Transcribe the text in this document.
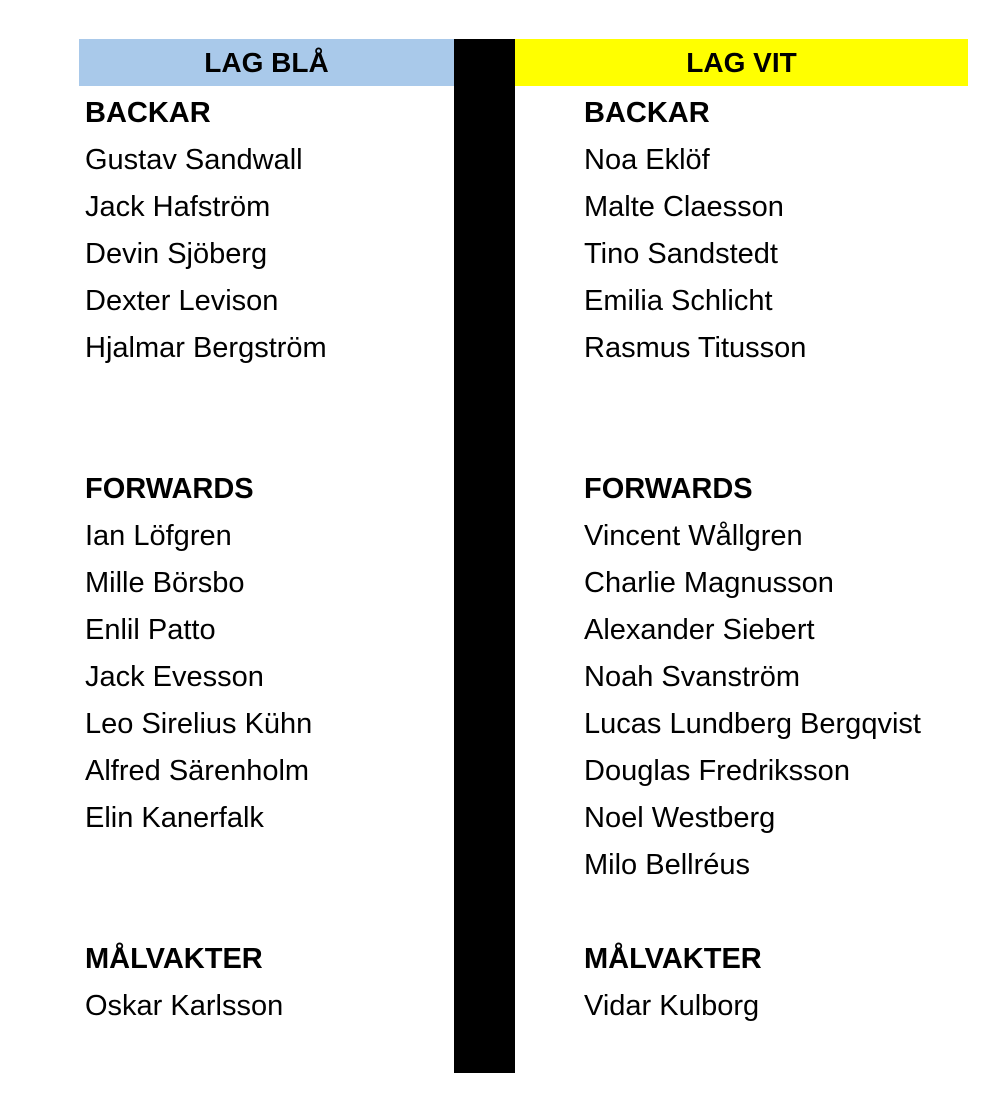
LAG BLÅ	LAG VIT
BACKAR
Gustav Sandwall
Jack Hafström
Devin Sjöberg
Dexter Levison
Hjalmar Bergström
FORWARDS
Ian Löfgren
Mille Börsbo
Enlil Patto
Jack Evesson
Leo Sirelius Kühn
Alfred Särenholm
Elin Kanerfalk
MÅLVAKTER
Oskar Karlsson
BACKAR
Noa Eklöf
Malte Claesson
Tino Sandstedt
Emilia Schlicht
Rasmus Titusson
FORWARDS
Vincent Wållgren
Charlie Magnusson
Alexander Siebert
Noah Svanström
Lucas Lundberg Bergqvist
Douglas Fredriksson
Noel Westberg
Milo Bellréus
MÅLVAKTER
Vidar Kulborg
